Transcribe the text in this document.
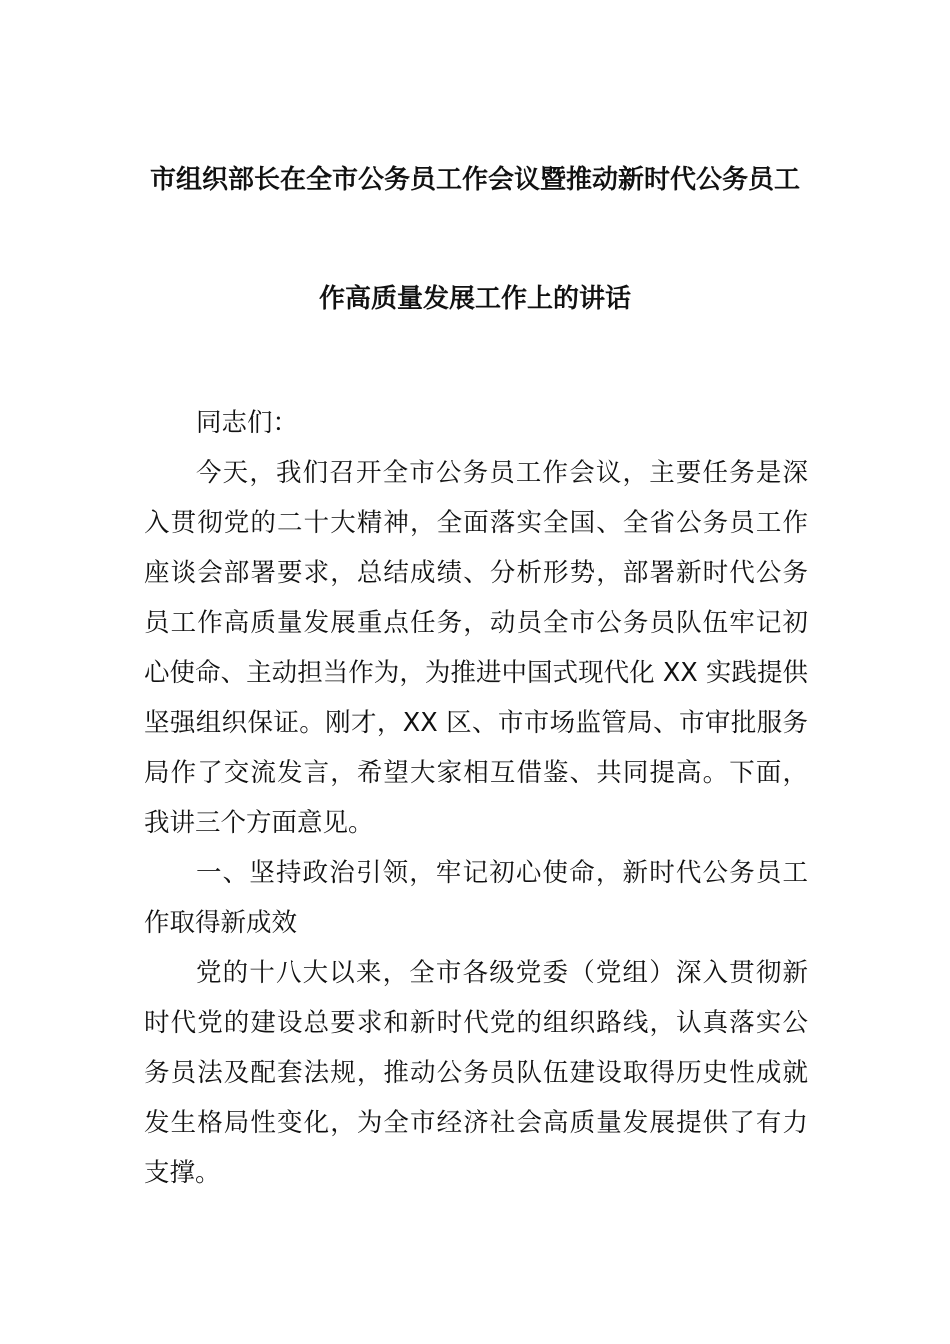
市组织部长在全市公务员工作会议暨推动新时代公务员工
作高质量发展工作上的讲话
同志们：
今天，我们召开全市公务员工作会议，主要任务是深
入贯彻党的二十大精神，全面落实全国、全省公务员工作
座谈会部署要求，总结成绩、分析形势，部署新时代公务
员工作高质量发展重点任务，动员全市公务员队伍牢记初
心使命、主动担当作为，为推进中国式现代化 XX 实践提供
坚强组织保证。刚才，XX 区、市市场监管局、市审批服务
局作了交流发言，希望大家相互借鉴、共同提高。下面，
我讲三个方面意见。
一、坚持政治引领，牢记初心使命，新时代公务员工
作取得新成效
党的十八大以来，全市各级党委（党组）深入贯彻新
时代党的建设总要求和新时代党的组织路线，认真落实公
务员法及配套法规，推动公务员队伍建设取得历史性成就
发生格局性变化，为全市经济社会高质量发展提供了有力
支撑。
